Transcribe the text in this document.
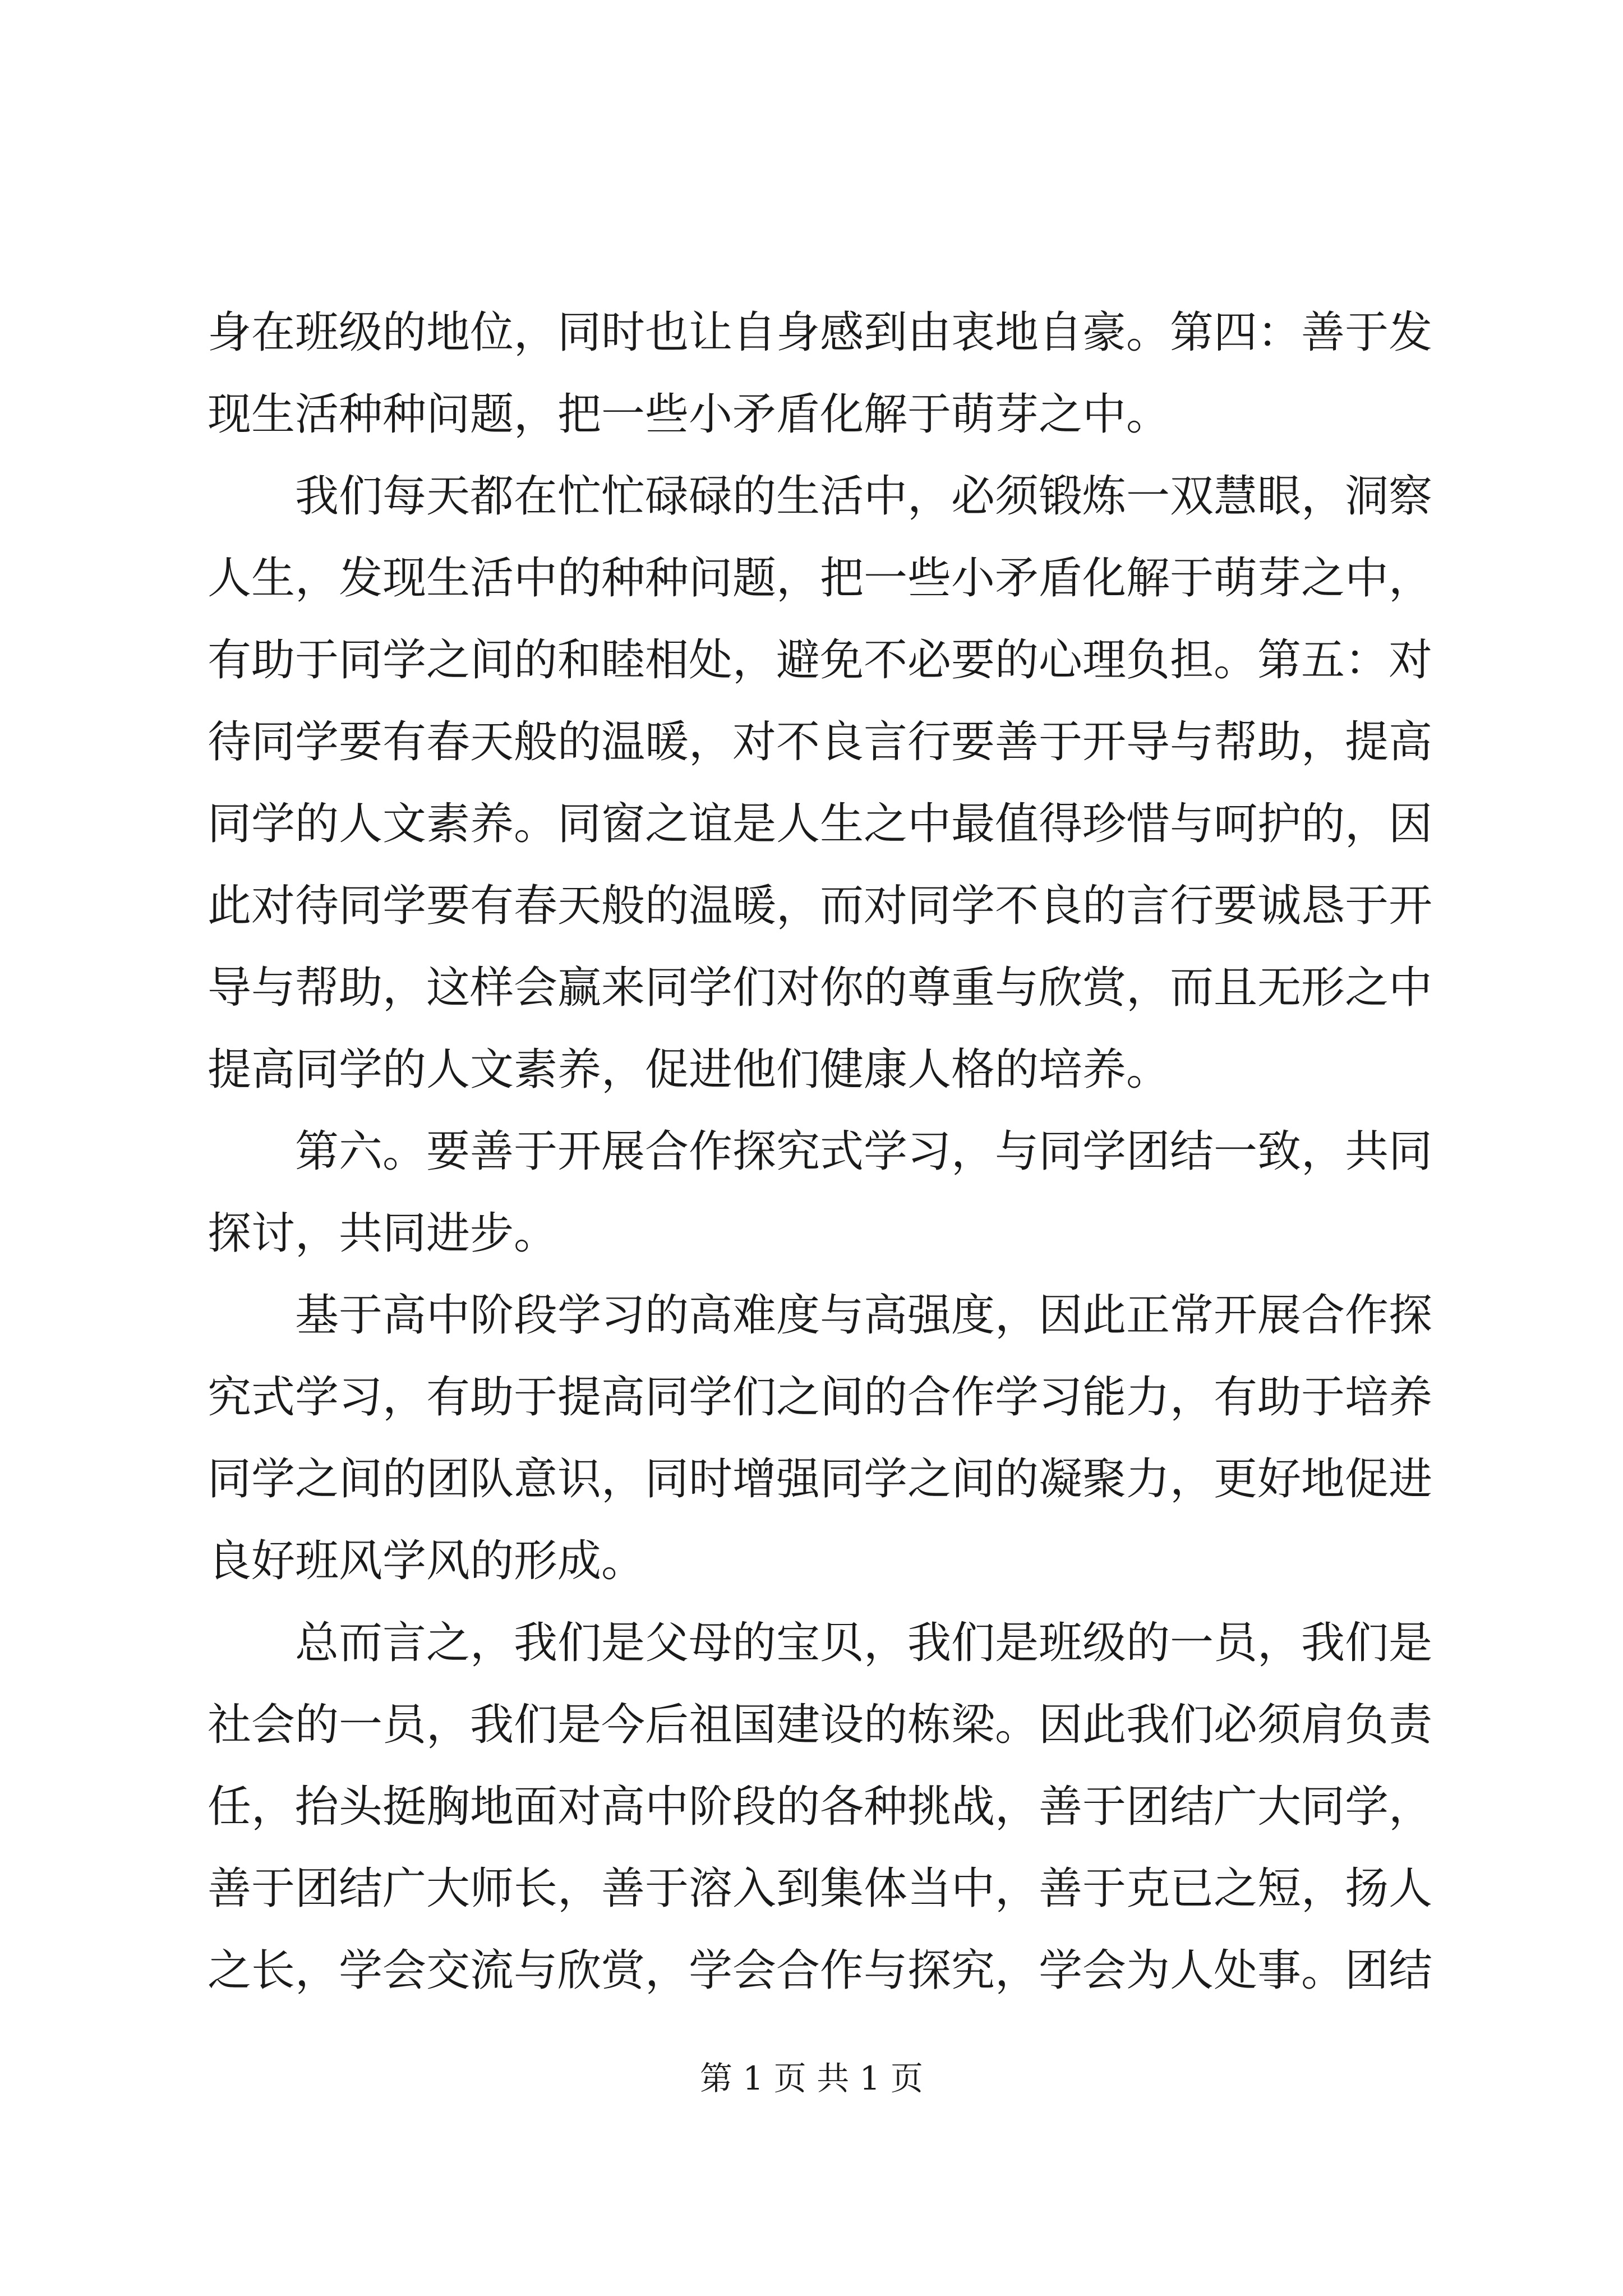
身在班级的地位，同时也让自身感到由衷地自豪。第四：善于发
现生活种种问题，把一些小矛盾化解于萌芽之中。
我们每天都在忙忙碌碌的生活中，必须锻炼一双慧眼，洞察
人生，发现生活中的种种问题，把一些小矛盾化解于萌芽之中，
有助于同学之间的和睦相处，避免不必要的心理负担。第五：对
待同学要有春天般的温暖，对不良言行要善于开导与帮助，提高
同学的人文素养。同窗之谊是人生之中最值得珍惜与呵护的，因
此对待同学要有春天般的温暖，而对同学不良的言行要诚恳于开
导与帮助，这样会赢来同学们对你的尊重与欣赏，而且无形之中
提高同学的人文素养，促进他们健康人格的培养。
第六。要善于开展合作探究式学习，与同学团结一致，共同
探讨，共同进步。
基于高中阶段学习的高难度与高强度，因此正常开展合作探
究式学习，有助于提高同学们之间的合作学习能力，有助于培养
同学之间的团队意识，同时增强同学之间的凝聚力，更好地促进
良好班风学风的形成。
总而言之，我们是父母的宝贝，我们是班级的一员，我们是
社会的一员，我们是今后祖国建设的栋梁。因此我们必须肩负责
任，抬头挺胸地面对高中阶段的各种挑战，善于团结广大同学，
善于团结广大师长，善于溶入到集体当中，善于克已之短，扬人
之长，学会交流与欣赏，学会合作与探究，学会为人处事。团结
第 1 页 共 1 页
